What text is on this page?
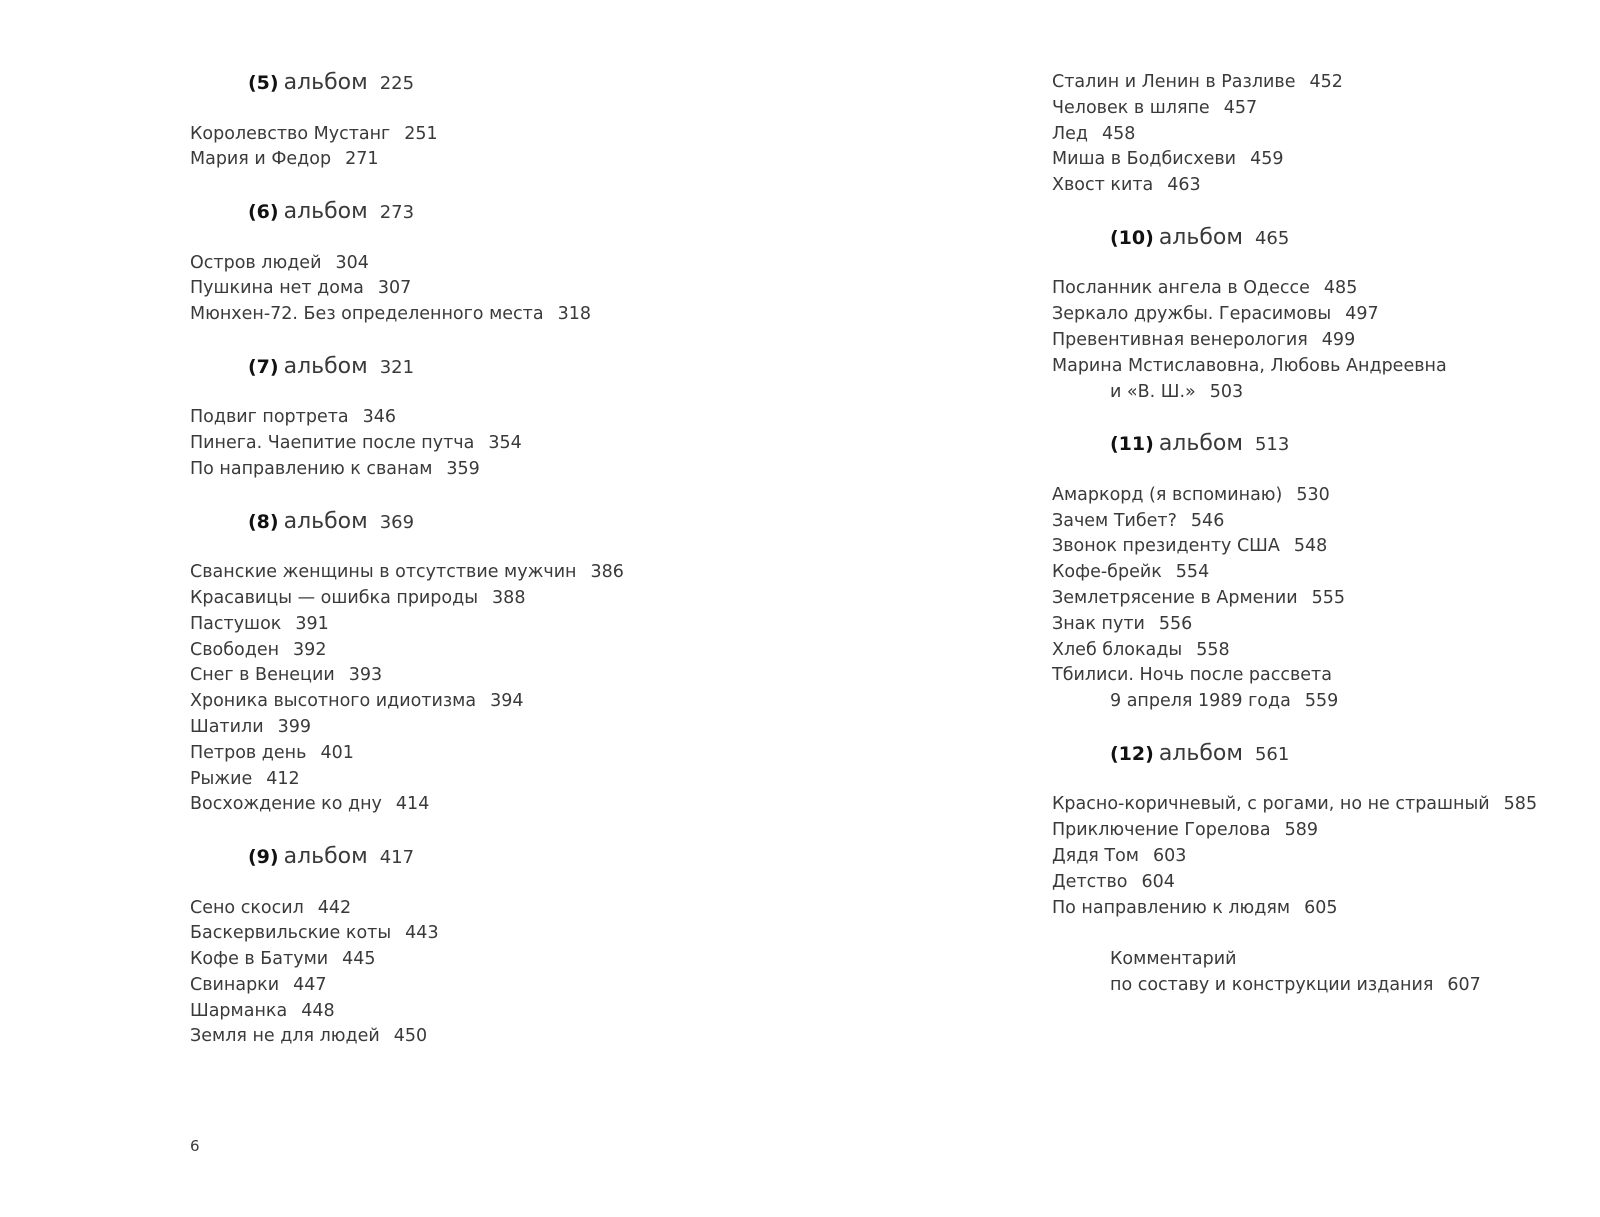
(5) альбом 225
Королевство Мустанг 251
Мария и Федор 271
(6) альбом 273
Остров людей 304
Пушкина нет дома 307
Мюнхен-72. Без определенного места 318
(7) альбом 321
Подвиг портрета 346
Пинега. Чаепитие после путча 354
По направлению к сванам 359
(8) альбом 369
Сванские женщины в отсутствие мужчин 386
Красавицы — ошибка природы 388
Пастушок 391
Свободен 392
Снег в Венеции 393
Хроника высотного идиотизма 394
Шатили 399
Петров день 401
Рыжие 412
Восхождение ко дну 414
(9) альбом 417
Сено скосил 442
Баскервильские коты 443
Кофе в Батуми 445
Свинарки 447
Шарманка 448
Земля не для людей 450
Сталин и Ленин в Разливе 452
Человек в шляпе 457
Лед 458
Миша в Бодбисхеви 459
Хвост кита 463
(10) альбом 465
Посланник ангела в Одессе 485
Зеркало дружбы. Герасимовы 497
Превентивная венерология 499
Марина Мстиславовна, Любовь Андреевна
и «В. Ш.» 503
(11) альбом 513
Амаркорд (я вспоминаю) 530
Зачем Тибет? 546
Звонок президенту США 548
Кофе-брейк 554
Землетрясение в Армении 555
Знак пути 556
Хлеб блокады 558
Тбилиси. Ночь после рассвета
9 апреля 1989 года 559
(12) альбом 561
Красно-коричневый, с рогами, но не страшный 585
Приключение Горелова 589
Дядя Том 603
Детство 604
По направлению к людям 605
Комментарий
по составу и конструкции издания 607
6
